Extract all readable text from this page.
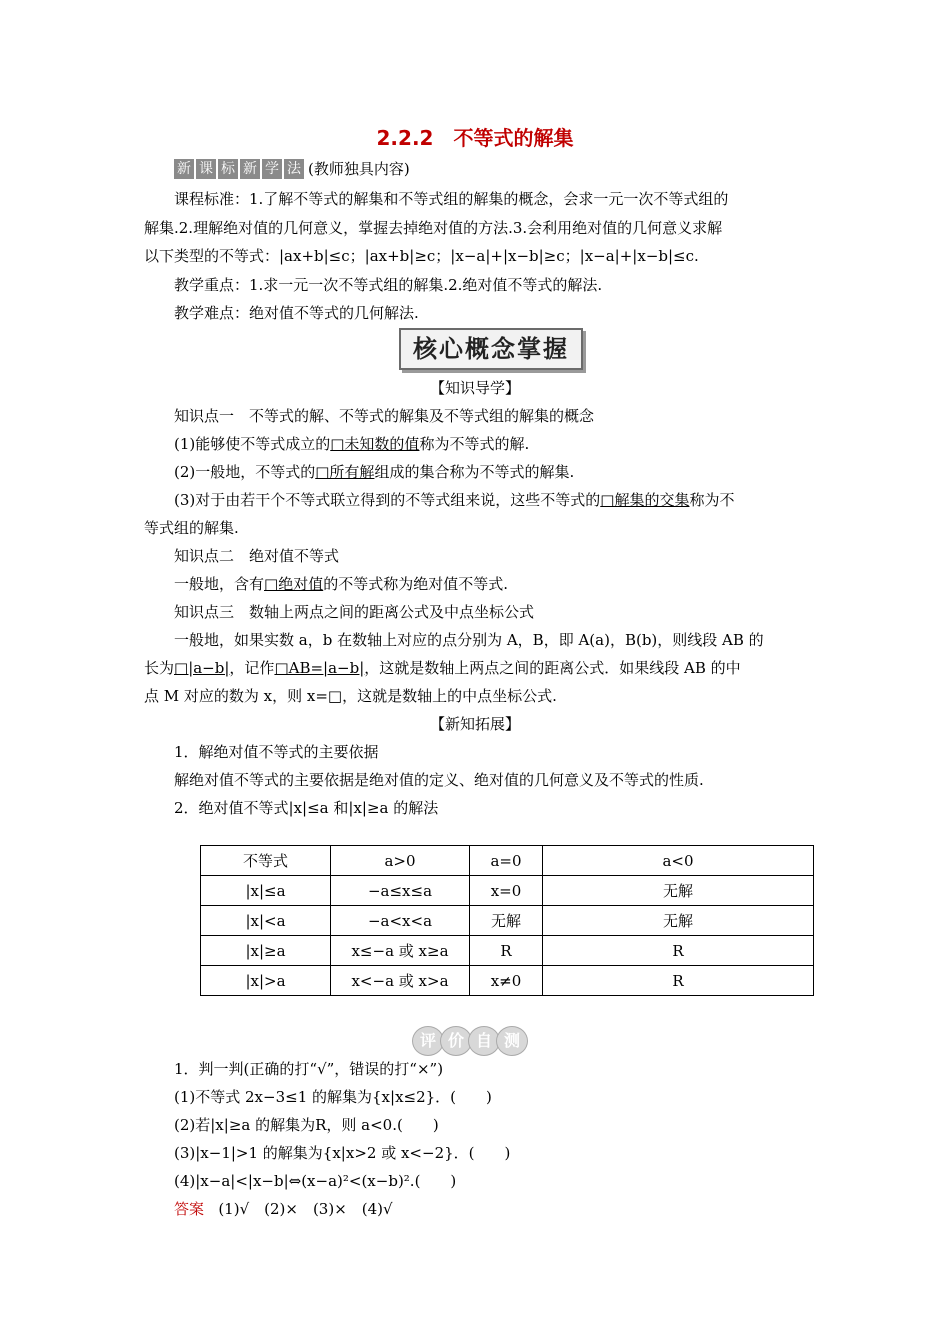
2.2.2　不等式的解集
新 课 标 新 学 法 (教师独具内容)
课程标准：1.了解不等式的解集和不等式组的解集的概念，会求一元一次不等式组的
解集.2.理解绝对值的几何意义，掌握去掉绝对值的方法.3.会利用绝对值的几何意义求解
以下类型的不等式：|ax+b|≤c；|ax+b|≥c；|x−a|+|x−b|≥c；|x−a|+|x−b|≤c.
教学重点：1.求一元一次不等式组的解集.2.绝对值不等式的解法.
教学难点：绝对值不等式的几何解法.
核心概念掌握
【知识导学】
知识点一　不等式的解、不等式的解集及不等式组的解集的概念
(1)能够使不等式成立的□未知数的值称为不等式的解.
(2)一般地，不等式的□所有解组成的集合称为不等式的解集.
(3)对于由若干个不等式联立得到的不等式组来说，这些不等式的□解集的交集称为不
等式组的解集.
知识点二　绝对值不等式
一般地，含有□绝对值的不等式称为绝对值不等式.
知识点三　数轴上两点之间的距离公式及中点坐标公式
一般地，如果实数 a，b 在数轴上对应的点分别为 A，B，即 A(a)，B(b)，则线段 AB 的
长为□|a−b|，记作□AB=|a−b|，这就是数轴上两点之间的距离公式．如果线段 AB 的中
点 M 对应的数为 x，则 x=□，这就是数轴上的中点坐标公式.
【新知拓展】
1．解绝对值不等式的主要依据
解绝对值不等式的主要依据是绝对值的定义、绝对值的几何意义及不等式的性质.
2．绝对值不等式|x|≤a 和|x|≥a 的解法
不等式	a>0	a=0	a<0
|x|≤a	−a≤x≤a	x=0	无解
|x|<a	−a<x<a	无解	无解
|x|≥a	x≤−a 或 x≥a	R	R
|x|>a	x<−a 或 x>a	x≠0	R
评 价 自 测
1．判一判(正确的打“√”，错误的打“×”)
(1)不等式 2x−3≤1 的解集为{x|x≤2}．(　　)
(2)若|x|≥a 的解集为R，则 a<0.(　　)
(3)|x−1|>1 的解集为{x|x>2 或 x<−2}．(　　)
(4)|x−a|<|x−b|⇔(x−a)²<(x−b)².(　　)
答案 (1)√　(2)×　(3)×　(4)√
